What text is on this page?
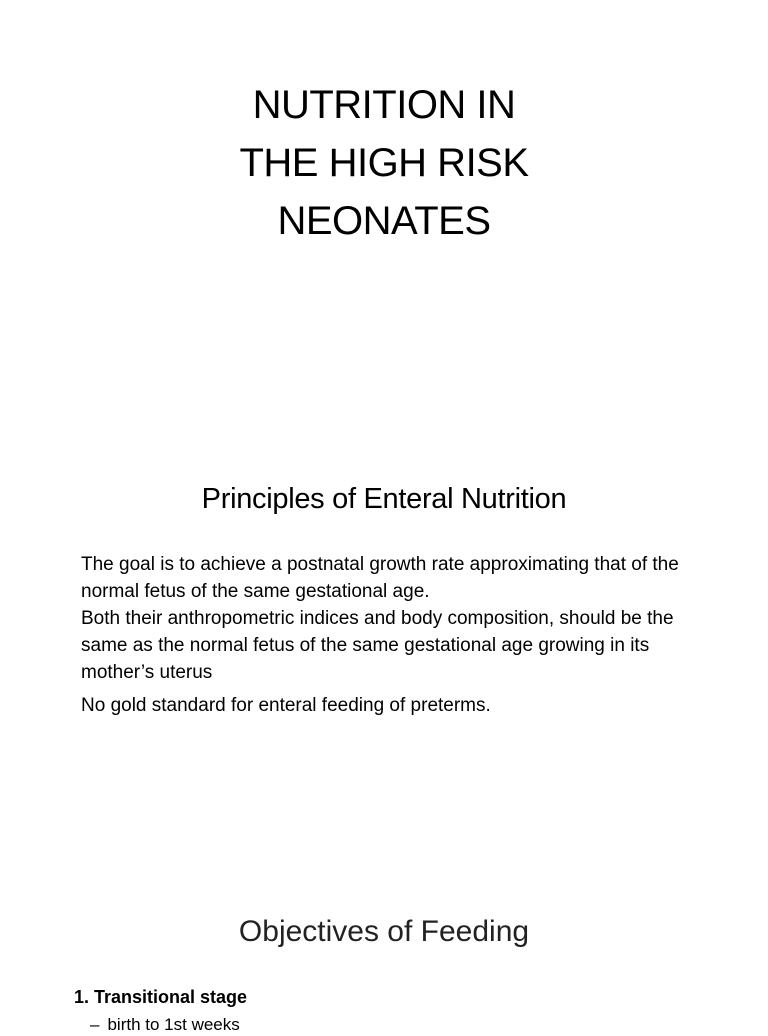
NUTRITION IN
THE HIGH RISK
NEONATES
Principles of Enteral Nutrition

The goal is to achieve a postnatal growth rate approximating that of the normal fetus of the same gestational age.

Both their anthropometric indices and body composition, should be the same as the normal fetus of the same gestational age growing in its mother’s uterus

No gold standard for enteral feeding of preterms.

Objectives of Feeding
1. Transitional stage
– birth to 1st weeks
